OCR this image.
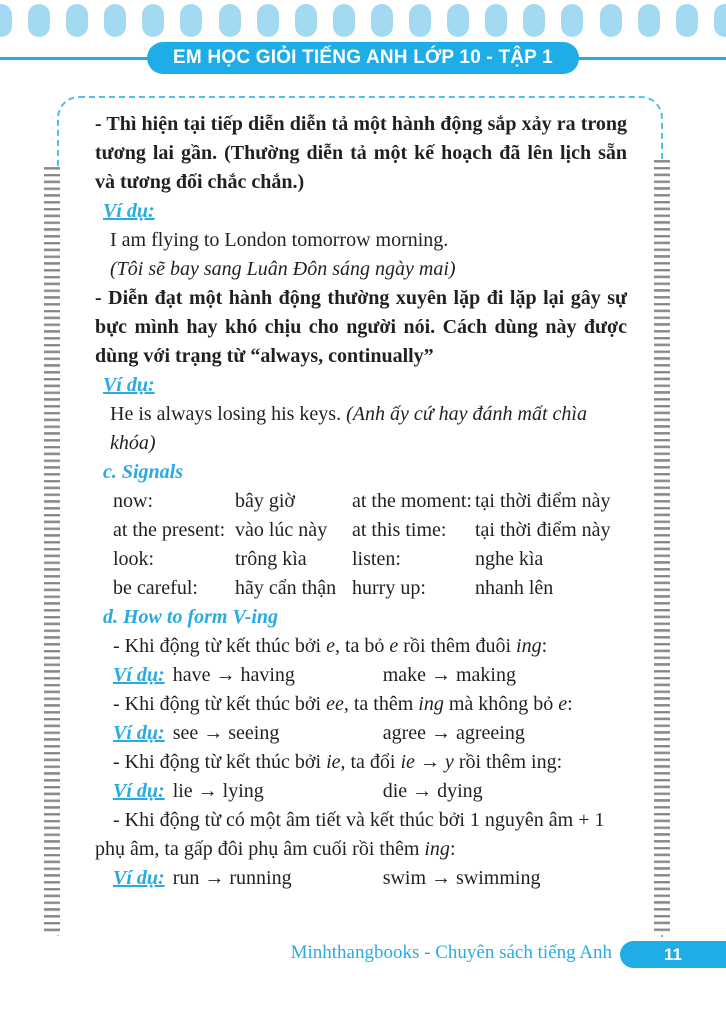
EM HỌC GIỎI TIẾNG ANH LỚP 10 - TẬP 1

- Thì hiện tại tiếp diễn diễn tả một hành động sắp xảy ra trong tương lai gần. (Thường diễn tả một kế hoạch đã lên lịch sẵn và tương đối chắc chắn.)

Ví dụ:

I am flying to London tomorrow morning.

(Tôi sẽ bay sang Luân Đôn sáng ngày mai)

- Diễn đạt một hành động thường xuyên lặp đi lặp lại gây sự bực mình hay khó chịu cho người nói. Cách dùng này được dùng với trạng từ “always, continually”

Ví dụ:

He is always losing his keys. (Anh ấy cứ hay đánh mất chìa khóa)

c. Signals
now:	bây giờ	at the moment: tại thời điểm này
at the present: vào lúc này	at this time:	tại thời điểm này
look:	trông kìa	listen:	nghe kìa
be careful:	hãy cẩn thận hurry up:	nhanh lên
d. How to form V-ing

- Khi động từ kết thúc bởi e, ta bỏ e rồi thêm đuôi ing:

Ví dụ: have → having	make → making

- Khi động từ kết thúc bởi ee, ta thêm ing mà không bỏ e:

Ví dụ: see → seeing	agree → agreeing

- Khi động từ kết thúc bởi ie, ta đổi ie → y rồi thêm ing:

Ví dụ: lie → lying	die → dying

- Khi động từ có một âm tiết và kết thúc bởi 1 nguyên âm + 1 phụ âm, ta gấp đôi phụ âm cuối rồi thêm ing:

Ví dụ: run → running	swim → swimming

Minhthangbooks - Chuyên sách tiếng Anh	11
